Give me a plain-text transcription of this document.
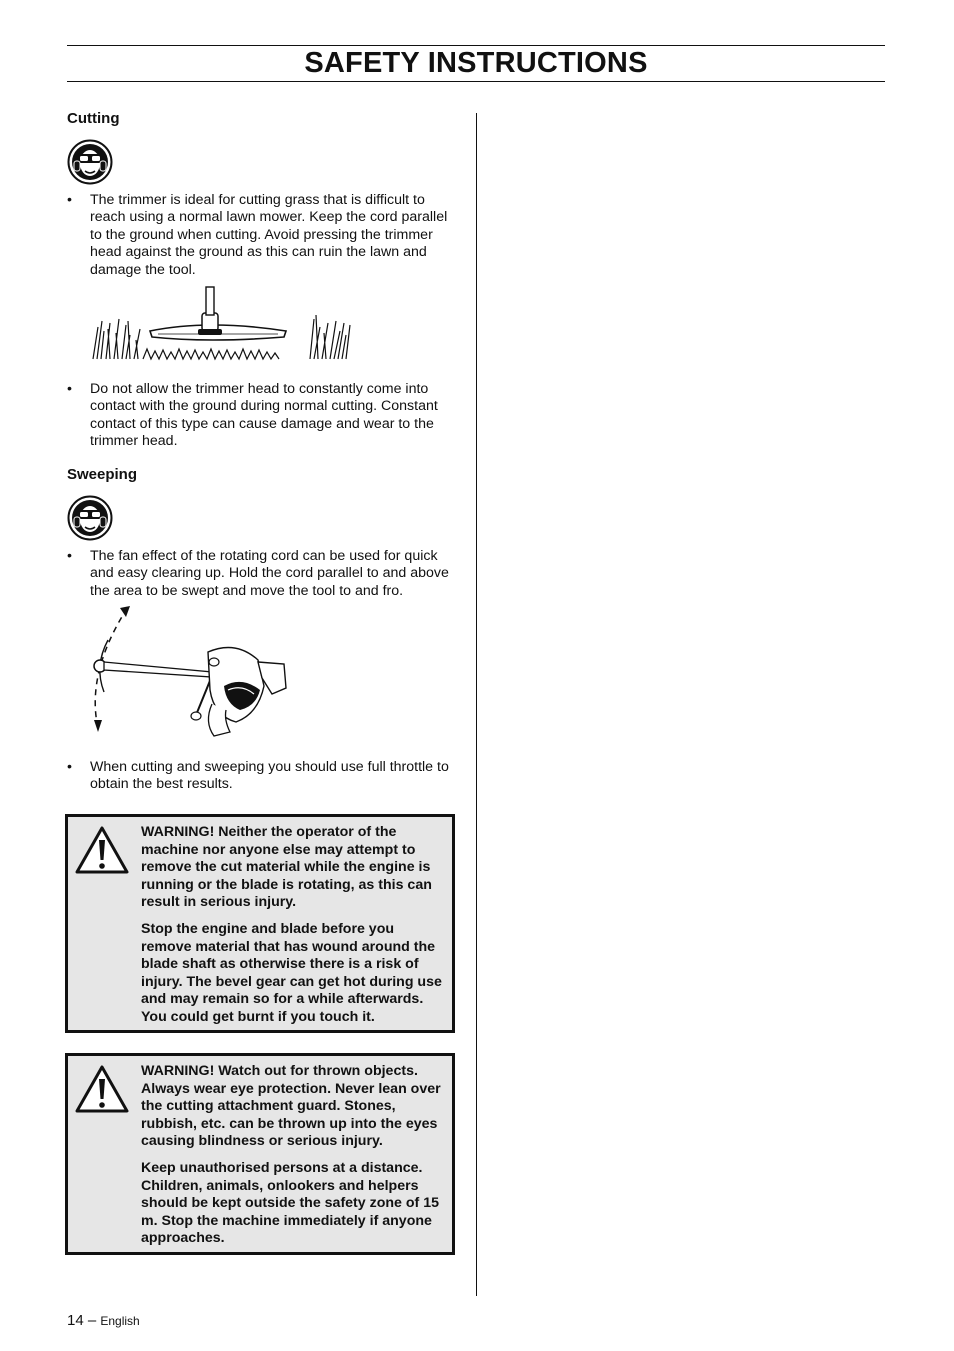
SAFETY INSTRUCTIONS
Cutting
• The trimmer is ideal for cutting grass that is difficult to reach using a normal lawn mower. Keep the cord parallel to the ground when cutting. Avoid pressing the trimmer head against the ground as this can ruin the lawn and damage the tool.
• Do not allow the trimmer head to constantly come into contact with the ground during normal cutting. Constant contact of this type can cause damage and wear to the trimmer head.
Sweeping
• The fan effect of the rotating cord can be used for quick and easy clearing up. Hold the cord parallel to and above the area to be swept and move the tool to and fro.
• When cutting and sweeping you should use full throttle to obtain the best results.

WARNING! Neither the operator of the machine nor anyone else may attempt to remove the cut material while the engine is running or the blade is rotating, as this can result in serious injury.

Stop the engine and blade before you remove material that has wound around the blade shaft as otherwise there is a risk of injury. The bevel gear can get hot during use and may remain so for a while afterwards. You could get burnt if you touch it.

WARNING! Watch out for thrown objects. Always wear eye protection. Never lean over the cutting attachment guard. Stones, rubbish, etc. can be thrown up into the eyes causing blindness or serious injury.

Keep unauthorised persons at a distance. Children, animals, onlookers and helpers should be kept outside the safety zone of 15 m. Stop the machine immediately if anyone approaches.

14 – English
